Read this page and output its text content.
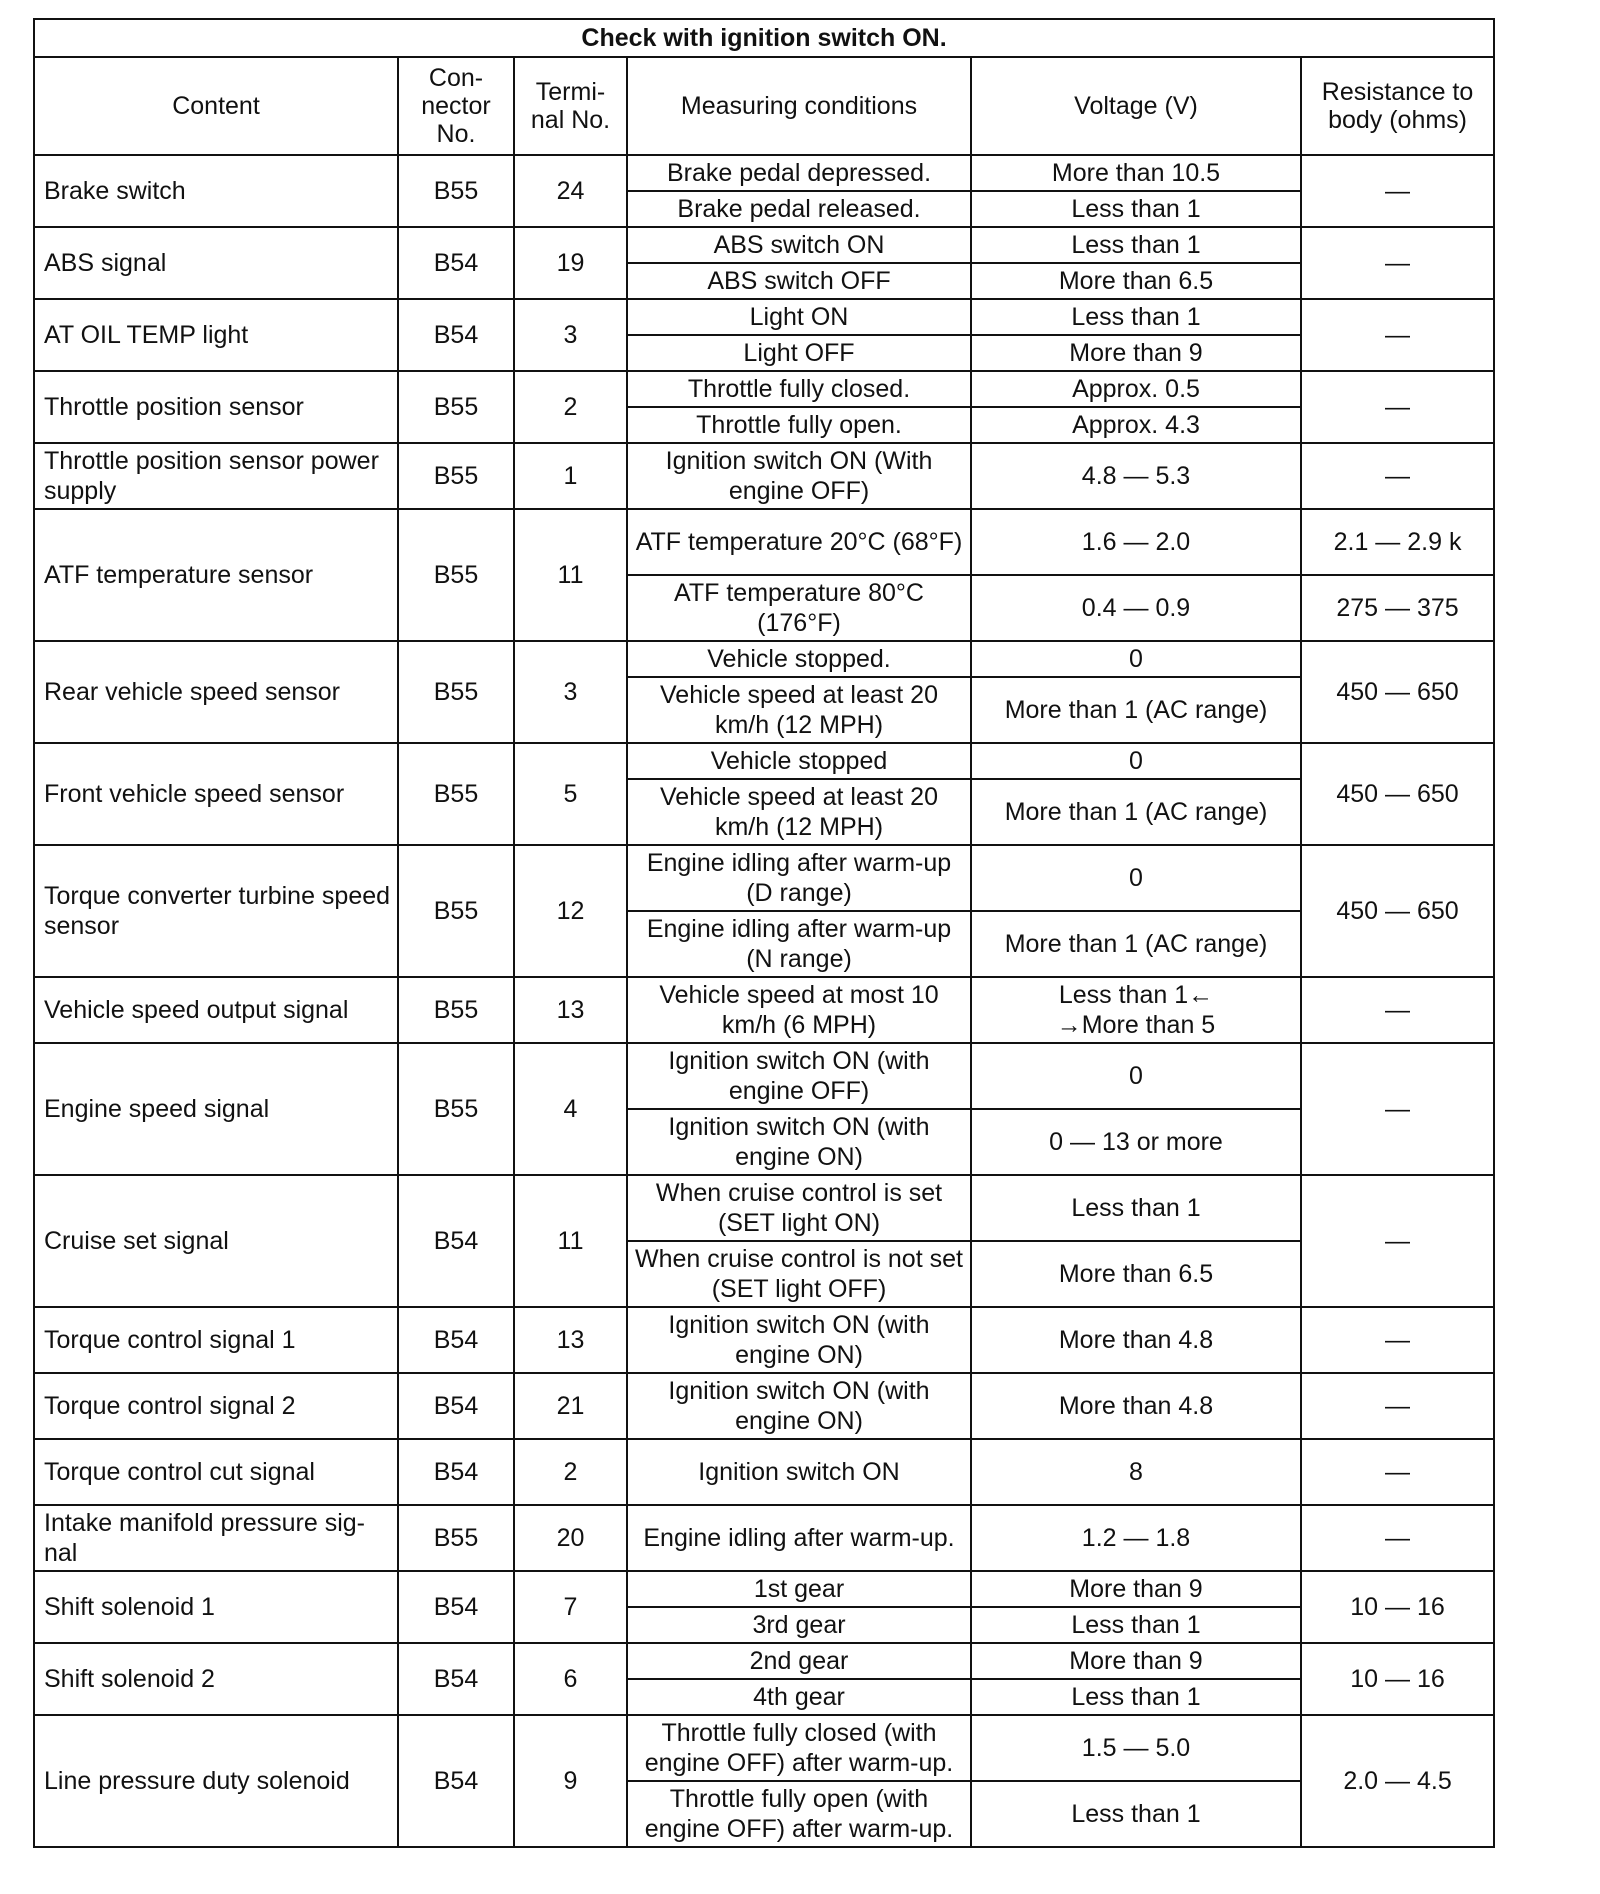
Check with ignition switch ON.					
Content	Con-
nector
No.	Termi-
nal No.	Measuring conditions	Voltage (V)	Resistance to
body (ohms)
Brake switch	B55	24	Brake pedal depressed.	More than 10.5	—
			Brake pedal released.	Less than 1	
ABS signal	B54	19	ABS switch ON	Less than 1	—
			ABS switch OFF	More than 6.5	
AT OIL TEMP light	B54	3	Light ON	Less than 1	—
			Light OFF	More than 9	
Throttle position sensor	B55	2	Throttle fully closed.	Approx. 0.5	—
			Throttle fully open.	Approx. 4.3	
Throttle position sensor power supply	B55	1	Ignition switch ON (With engine OFF)	4.8 — 5.3	—
ATF temperature sensor	B55	11	ATF temperature 20°C (68°F)	1.6 — 2.0	2.1 — 2.9 k
			ATF temperature 80°C (176°F)	0.4 — 0.9	275 — 375
Rear vehicle speed sensor	B55	3	Vehicle stopped.	0	450 — 650
			Vehicle speed at least 20 km/h (12 MPH)	More than 1 (AC range)	
Front vehicle speed sensor	B55	5	Vehicle stopped	0	450 — 650
			Vehicle speed at least 20 km/h (12 MPH)	More than 1 (AC range)	
Torque converter turbine speed sensor	B55	12	Engine idling after warm-up (D range)	0	450 — 650
			Engine idling after warm-up (N range)	More than 1 (AC range)	
Vehicle speed output signal	B55	13	Vehicle speed at most 10 km/h (6 MPH)	Less than 1←
→More than 5	—
Engine speed signal	B55	4	Ignition switch ON (with engine OFF)	0	—
			Ignition switch ON (with engine ON)	0 — 13 or more	
Cruise set signal	B54	11	When cruise control is set (SET light ON)	Less than 1	—
			When cruise control is not set (SET light OFF)	More than 6.5	
Torque control signal 1	B54	13	Ignition switch ON (with engine ON)	More than 4.8	—
Torque control signal 2	B54	21	Ignition switch ON (with engine ON)	More than 4.8	—
Torque control cut signal	B54	2	Ignition switch ON	8	—
Intake manifold pressure sig-
nal	B55	20	Engine idling after warm-up.	1.2 — 1.8	—
Shift solenoid 1	B54	7	1st gear	More than 9	10 — 16
			3rd gear	Less than 1	
Shift solenoid 2	B54	6	2nd gear	More than 9	10 — 16
			4th gear	Less than 1	
Line pressure duty solenoid	B54	9	Throttle fully closed (with engine OFF) after warm-up.	1.5 — 5.0	2.0 — 4.5
			Throttle fully open (with engine OFF) after warm-up.	Less than 1	
